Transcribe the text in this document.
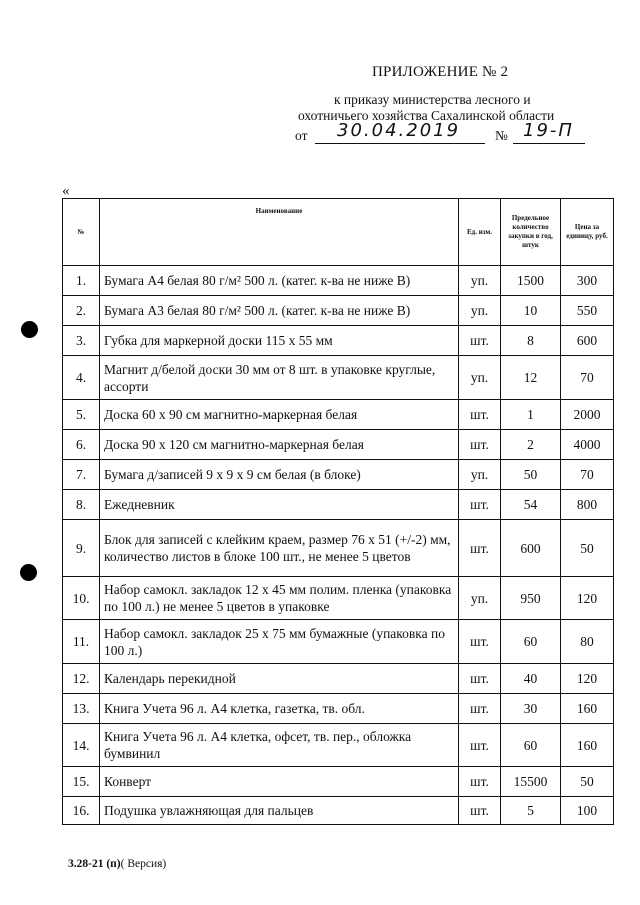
ПРИЛОЖЕНИЕ № 2
к приказу министерства лесного и
охотничьего хозяйства Сахалинской области
от 30.04.2019	№ 19-П
«
№	Наименование	Ед. изм.	Предельное количество закупки в год, штук	Цена за единицу, руб.
1.	Бумага А4 белая 80 г/м² 500 л. (катег. к-ва не ниже В)	уп.	1500	300
2.	Бумага А3 белая 80 г/м² 500 л. (катег. к-ва не ниже В)	уп.	10	550
3.	Губка для маркерной доски 115 х 55 мм	шт.	8	600
4.	Магнит д/белой доски 30 мм от 8 шт. в упаковке круглые, ассорти	уп.	12	70
5.	Доска 60 х 90 см магнитно-маркерная белая	шт.	1	2000
6.	Доска 90 х 120 см магнитно-маркерная белая	шт.	2	4000
7.	Бумага д/записей 9 х 9 х 9 см белая (в блоке)	уп.	50	70
8.	Ежедневник	шт.	54	800
9.	Блок для записей с клейким краем, размер 76 х 51 (+/-2) мм, количество листов в блоке 100 шт., не менее 5 цветов	шт.	600	50
10.	Набор самокл. закладок 12 х 45 мм полим. пленка (упаковка по 100 л.) не менее 5 цветов в упаковке	уп.	950	120
11.	Набор самокл. закладок 25 х 75 мм бумажные (упаковка по 100 л.)	шт.	60	80
12.	Календарь перекидной	шт.	40	120
13.	Книга Учета 96 л. А4 клетка, газетка, тв. обл.	шт.	30	160
14.	Книга Учета 96 л. А4 клетка, офсет, тв. пер., обложка бумвинил	шт.	60	160
15.	Конверт	шт.	15500	50
16.	Подушка увлажняющая для пальцев	шт.	5	100
3.28-21 (п)( Версия)
